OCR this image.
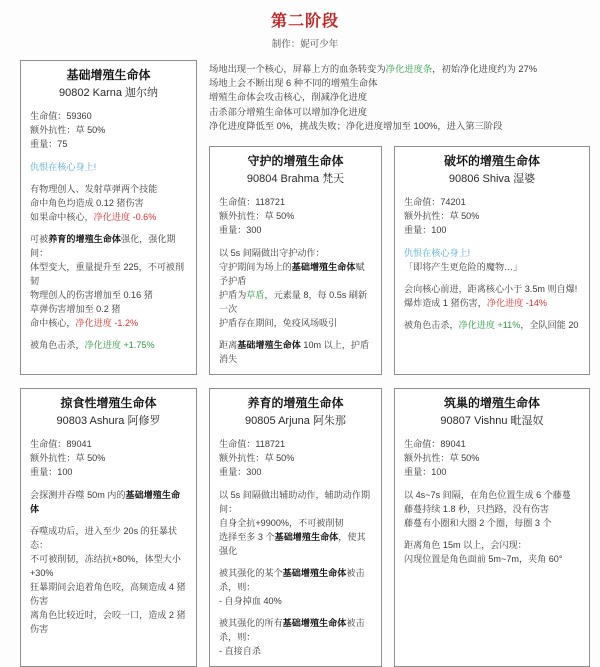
第二阶段
制作：妮可少年
场地出现一个核心，屏幕上方的血条转变为净化进度条，初始净化进度约为 27%
场地上会不断出现 6 种不同的增殖生命体
增殖生命体会攻击核心，削减净化进度
击杀部分增殖生命体可以增加净化进度
净化进度降低至 0%，挑战失败；净化进度增加至 100%，进入第三阶段
基础增殖生命体
90802 Karna 迦尔纳
生命值：59360
额外抗性：草 50%
重量：75
仇恨在核心身上!
有物理创人、发射草弹两个技能
命中角色均造成 0.12 猪伤害
如果命中核心，净化进度 -0.6%
可被养育的增殖生命体强化，强化期间：
体型变大，重量提升至 225，不可被削韧
物理创人的伤害增加至 0.16 猪
草弹伤害增加至 0.2 猪
命中核心，净化进度 -1.2%
被角色击杀，净化进度 +1.75%
守护的增殖生命体
90804 Brahma 梵天
生命值：118721
额外抗性：草 50%
重量：300
以 5s 间隔做出守护动作：
守护期间为场上的基础增殖生命体赋予护盾
护盾为草盾，元素量 8，每 0.5s 刷新一次
护盾存在期间，免疫风场吸引
距离基础增殖生命体 10m 以上，护盾消失
破坏的增殖生命体
90806 Shiva 湿婆
生命值：74201
额外抗性：草 50%
重量：100
仇恨在核心身上!
「即将产生更危险的魔物…」
会向核心前进，距离核心小于 3.5m 则自爆!
爆炸造成 1 猪伤害，净化进度 -14%
被角色击杀，净化进度 +11%，全队回能 20
掠食性增殖生命体
90803 Ashura 阿修罗
生命值：89041
额外抗性：草 50%
重量：100
会探测并吞噬 50m 内的基础增殖生命体
吞噬成功后，进入至少 20s 的狂暴状态：
不可被削韧，冻结抗+80%，体型大小+30%
狂暴期间会追着角色咬，高频造成 4 猪伤害
离角色比较近时，会咬一口，造成 2 猪伤害
养育的增殖生命体
90805 Arjuna 阿朱那
生命值：118721
额外抗性：草 50%
重量：300
以 5s 间隔做出辅助动作，辅助动作期间：
自身全抗+9900%，不可被削韧
选择至多 3 个基础增殖生命体，使其强化
被其强化的某个基础增殖生命体被击杀，则：
- 自身掉血 40%
被其强化的所有基础增殖生命体被击杀，则：
- 直接自杀
筑巢的增殖生命体
90807 Vishnu 毗湿奴
生命值：89041
额外抗性：草 50%
重量：100
以 4s~7s 间隔，在角色位置生成 6 个藤蔓
藤蔓持续 1.8 秒，只挡路，没有伤害
藤蔓有小圈和大圈 2 个圈，每圈 3 个
距离角色 15m 以上，会闪现：
闪现位置是角色面前 5m~7m，夹角 60°
